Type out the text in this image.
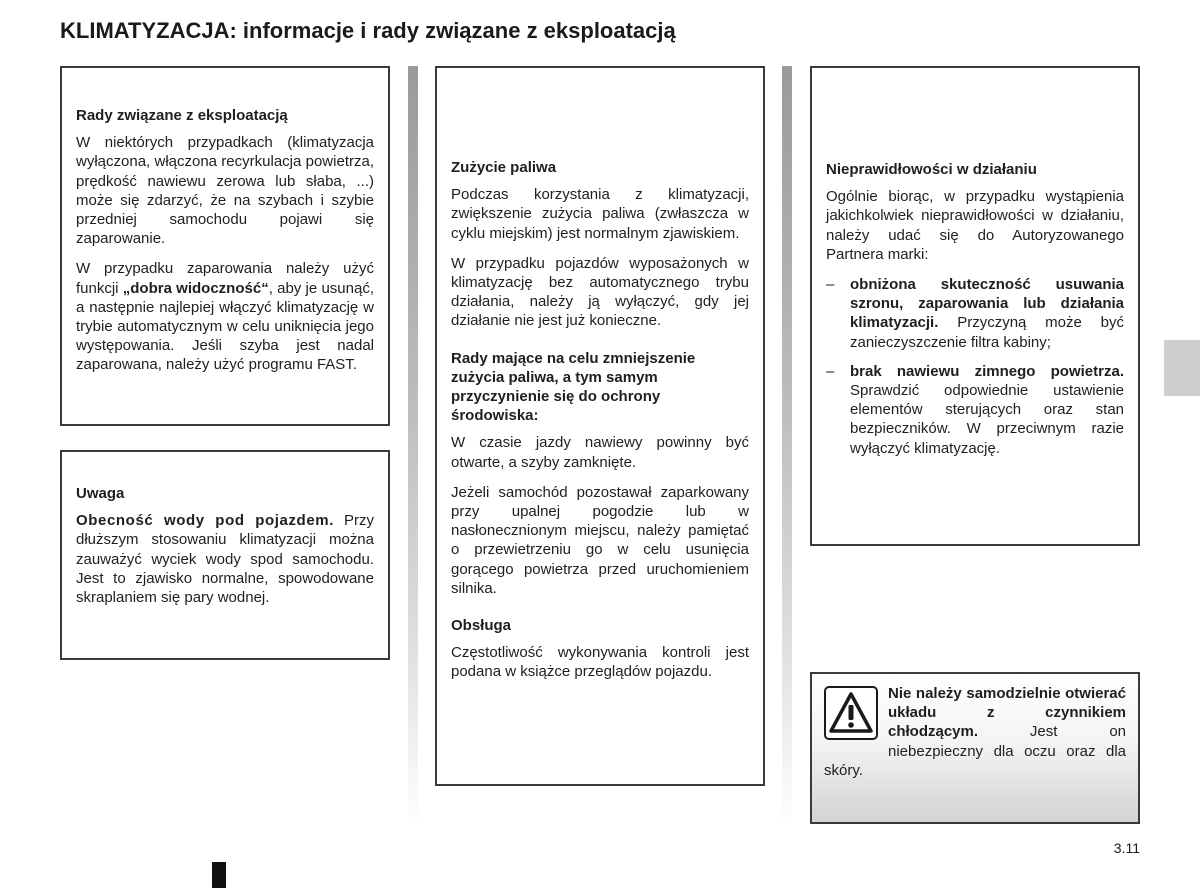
KLIMATYZACJA: informacje i rady związane z eksploatacją
Rady związane z eksploatacją

W niektórych przypadkach (klimatyzacja wyłączona, włączona recyrkulacja powietrza, prędkość nawiewu zerowa lub słaba, ...) może się zdarzyć, że na szybach i szybie przedniej samochodu pojawi się zaparowanie.

W przypadku zaparowania należy użyć funkcji „dobra widoczność“, aby je usunąć, a następnie najlepiej włączyć klimatyzację w trybie automatycznym w celu uniknięcia jego występowania. Jeśli szyba jest nadal zaparowana, należy użyć programu FAST.

Uwaga

Obecność wody pod pojazdem. Przy dłuższym stosowaniu klimatyzacji można zauważyć wyciek wody spod samochodu. Jest to zjawisko normalne, spowodowane skraplaniem się pary wodnej.

Zużycie paliwa

Podczas korzystania z klimatyzacji, zwiększenie zużycia paliwa (zwłaszcza w cyklu miejskim) jest normalnym zjawiskiem.

W przypadku pojazdów wyposażonych w klimatyzację bez automatycznego trybu działania, należy ją wyłączyć, gdy jej działanie nie jest już konieczne.

Rady mające na celu zmniejszenie zużycia paliwa, a tym samym przyczynienie się do ochrony środowiska:

W czasie jazdy nawiewy powinny być otwarte, a szyby zamknięte.

Jeżeli samochód pozostawał zaparkowany przy upalnej pogodzie lub w nasłonecznionym miejscu, należy pamiętać o przewietrzeniu go w celu usunięcia gorącego powietrza przed uruchomieniem silnika.

Obsługa

Częstotliwość wykonywania kontroli jest podana w książce przeglądów pojazdu.

Nieprawidłowości w działaniu

Ogólnie biorąc, w przypadku wystąpienia jakichkolwiek nieprawidłowości w działaniu, należy udać się do Autoryzowanego Partnera marki:

– obniżona skuteczność usuwania szronu, zaparowania lub działania klimatyzacji. Przyczyną może być zanieczyszczenie filtra kabiny;
– brak nawiewu zimnego powietrza. Sprawdzić odpowiednie ustawienie elementów sterujących oraz stan bezpieczników. W przeciwnym razie wyłączyć klimatyzację.
Nie należy samodzielnie otwierać układu z czynnikiem chłodzącym. Jest on niebezpieczny dla oczu oraz dla skóry.
3.11
